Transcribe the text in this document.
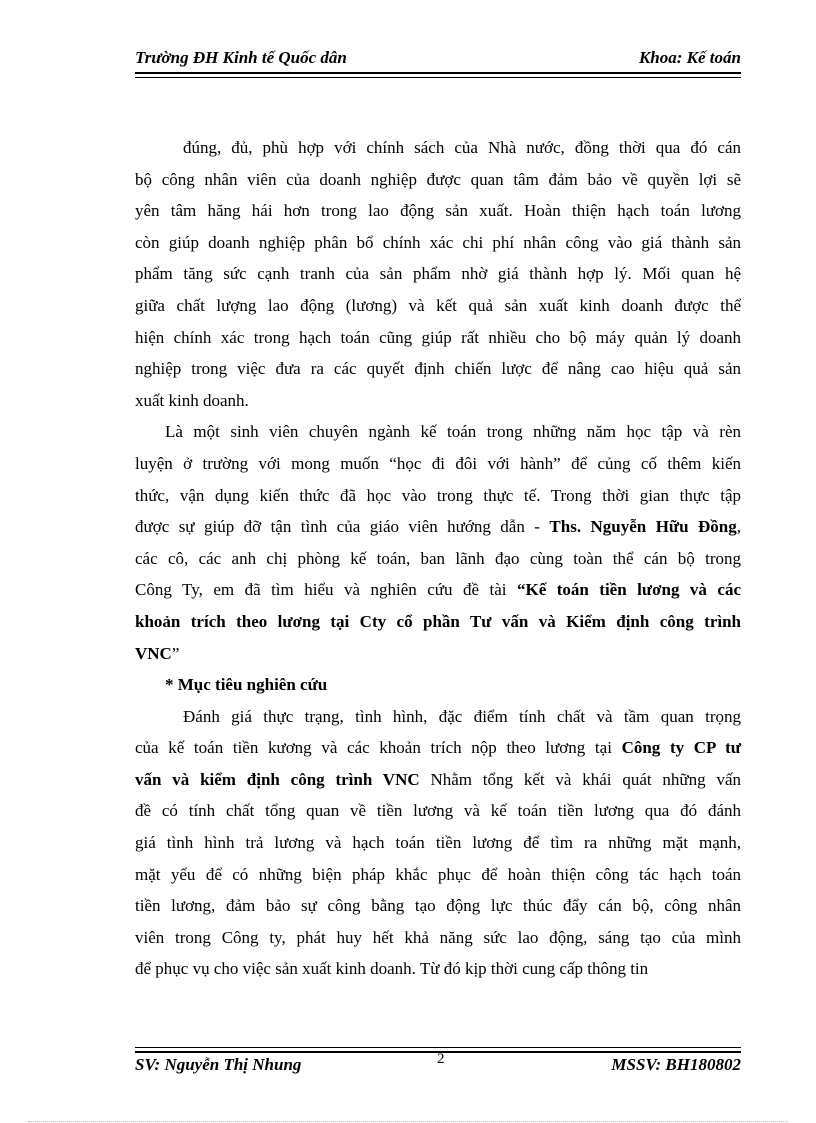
Trường ĐH Kinh tế Quốc dân	Khoa: Kế toán
đúng, đủ, phù hợp với chính sách của Nhà nước, đồng thời qua đó cán
bộ công nhân viên của doanh nghiệp được quan tâm đảm bảo về quyền lợi sẽ
yên tâm hăng hái hơn trong lao động sản xuất. Hoàn thiện hạch toán lương
còn giúp doanh nghiệp phân bổ chính xác chi phí nhân công vào giá thành sản
phẩm tăng sức cạnh tranh của sản phẩm nhờ giá thành hợp lý. Mối quan hệ
giữa chất lượng lao động (lương) và kết quả sản xuất kinh doanh được thể
hiện chính xác trong hạch toán cũng giúp rất nhiều cho bộ máy quản lý doanh
nghiệp trong việc đưa ra các quyết định chiến lược để nâng cao hiệu quả sản
xuất kinh doanh.
Là một sinh viên chuyên ngành kế toán trong những năm học tập và rèn
luyện ở trường với mong muốn “học đi đôi với hành” để củng cố thêm kiến
thức, vận dụng kiến thức đã học vào trong thực tế. Trong thời gian thực tập
được sự giúp đỡ tận tình của giáo viên hướng dẫn - Ths. Nguyễn Hữu Đồng,
các cô, các anh chị phòng kế toán, ban lãnh đạo cùng toàn thể cán bộ trong
Công Ty, em đã tìm hiểu và nghiên cứu đề tài “Kế toán tiền lương và các
khoản trích theo lương tại Cty cổ phần Tư vấn và Kiểm định công trình
VNC”
* Mục tiêu nghiên cứu
Đánh giá thực trạng, tình hình, đặc điểm tính chất và tầm quan trọng
của kế toán tiền kương và các khoản trích nộp theo lương tại Công ty CP tư
vấn và kiểm định công trình VNC Nhằm tổng kết và khái quát những vấn
đề có tính chất tổng quan về tiền lương và kế toán tiền lương qua đó đánh
giá tình hình trả lương và hạch toán tiền lương để tìm ra những mặt mạnh,
mặt yếu để có những biện pháp khắc phục để hoàn thiện công tác hạch toán
tiền lương, đảm bảo sự công bằng tạo động lực thúc đẩy cán bộ, công nhân
viên trong Công ty, phát huy hết khả năng sức lao động, sáng tạo của mình
để phục vụ cho việc sản xuất kinh doanh. Từ đó kịp thời cung cấp thông tin
SV: Nguyễn Thị Nhung	2	MSSV: BH180802
